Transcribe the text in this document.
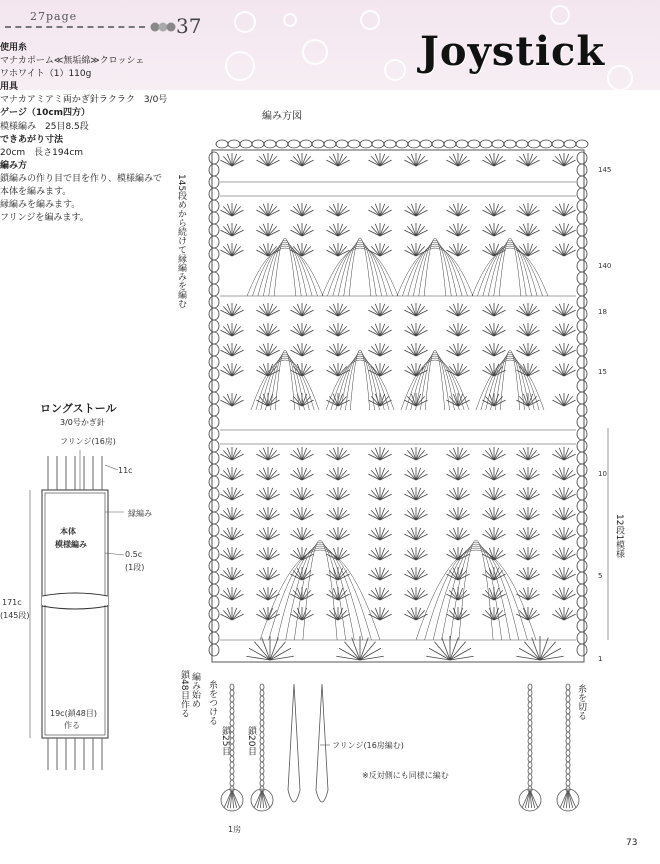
27page	37
Joystick
使用糸
マナカポーム≪無垢綿≫クロッシェ
ワホワイト（1）110g
用具
マナカアミアミ両かぎ針ラクラク　3/0号
ゲージ（10cm四方）
模様編み　25目8.5段
できあがり寸法
20cm　長さ194cm
編み方
鎖編みの作り目で目を作り、模様編みで
本体を編みます。
縁編みを編みます。
フリンジを編みます。
編み方図
145段めから続けて縁編みを編む
145
140
18
15
10
5
1
12段1模様
編み始め
鎖48目作る 糸をつける
鎖25目 鎖20目	フリンジ(16房編む)
※反対側にも同様に編む
糸を切る
1房
ロングストール
3/0号かぎ針
フリンジ(16房)
11c
縁編み
本体
模様編み
0.5c
(1段)
171c
(145段)
19c(鎖48目)
作る
73
